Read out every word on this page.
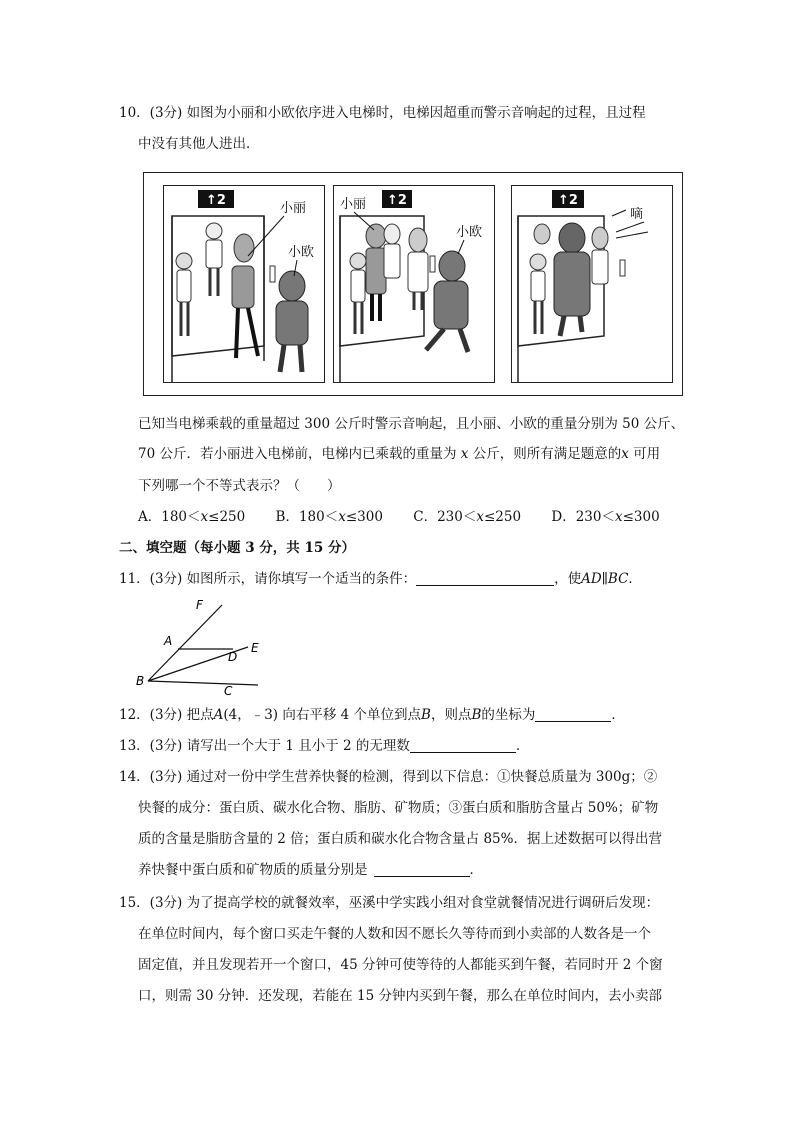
10．(3分) 如图为小丽和小欧依序进入电梯时，电梯因超重而警示音响起的过程，且过程
中没有其他人进出．
↑2
小丽
小欧
↑2
小丽
小欧
↑2
嘀
已知当电梯乘载的重量超过 300 公斤时警示音响起，且小丽、小欧的重量分别为 50 公斤、
70 公斤．若小丽进入电梯前，电梯内已乘载的重量为 x 公斤，则所有满足题意的x 可用
下列哪一个不等式表示？（　　）
A．180＜x≤250 B．180＜x≤300 C．230＜x≤250 D．230＜x≤300
二、填空题（每小题 3 分，共 15 分）
11．(3分) 如图所示，请你填写一个适当的条件：	，使AD∥BC．
F
A	E
D
B
C
12．(3分) 把点A(4，﹣3) 向右平移 4 个单位到点B，则点B的坐标为	．
13．(3分) 请写出一个大于 1 且小于 2 的无理数	．
14．(3分) 通过对一份中学生营养快餐的检测，得到以下信息：①快餐总质量为 300g；②
快餐的成分：蛋白质、碳水化合物、脂肪、矿物质；③蛋白质和脂肪含量占 50%；矿物
质的含量是脂肪含量的 2 倍；蛋白质和碳水化合物含量占 85%．据上述数据可以得出营
养快餐中蛋白质和矿物质的质量分别是	．
15．(3分) 为了提高学校的就餐效率，巫溪中学实践小组对食堂就餐情况进行调研后发现：
在单位时间内，每个窗口买走午餐的人数和因不愿长久等待而到小卖部的人数各是一个
固定值，并且发现若开一个窗口，45 分钟可使等待的人都能买到午餐，若同时开 2 个窗
口，则需 30 分钟．还发现，若能在 15 分钟内买到午餐，那么在单位时间内，去小卖部
